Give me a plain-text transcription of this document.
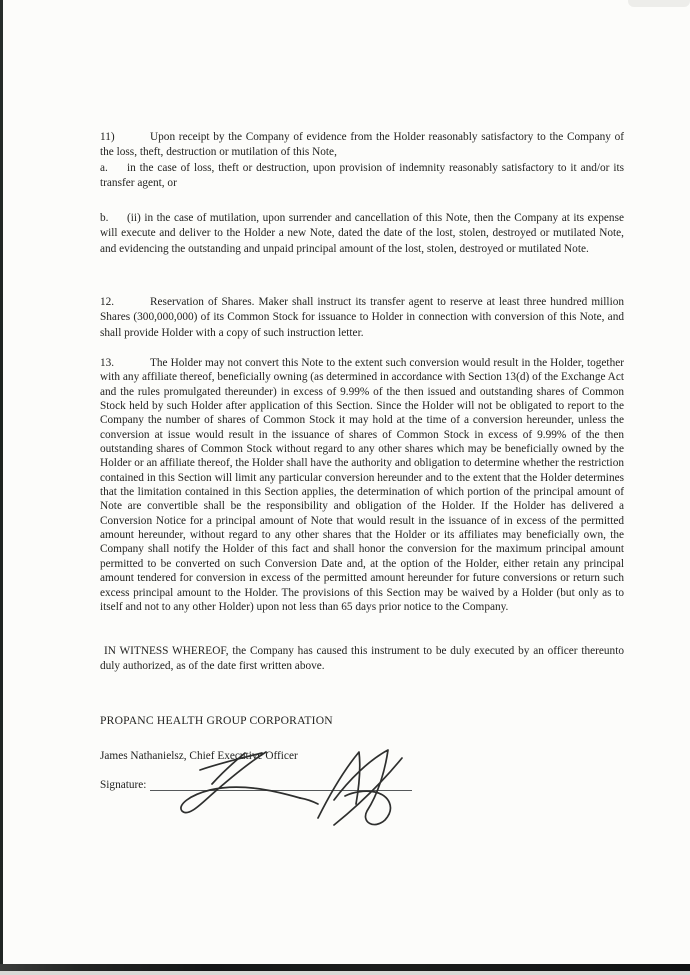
11)	Upon receipt by the Company of evidence from the Holder reasonably satisfactory to the Company of the loss, theft, destruction or mutilation of this Note,

a. in the case of loss, theft or destruction, upon provision of indemnity reasonably satisfactory to it and/or its transfer agent, or

b. (ii) in the case of mutilation, upon surrender and cancellation of this Note, then the Company at its expense will execute and deliver to the Holder a new Note, dated the date of the lost, stolen, destroyed or mutilated Note, and evidencing the outstanding and unpaid principal amount of the lost, stolen, destroyed or mutilated Note.

12.	Reservation of Shares. Maker shall instruct its transfer agent to reserve at least three hundred million Shares (300,000,000) of its Common Stock for issuance to Holder in connection with conversion of this Note, and shall provide Holder with a copy of such instruction letter.

13.	The Holder may not convert this Note to the extent such conversion would result in the Holder, together with any affiliate thereof, beneficially owning (as determined in accordance with Section 13(d) of the Exchange Act and the rules promulgated thereunder) in excess of 9.99% of the then issued and outstanding shares of Common Stock held by such Holder after application of this Section. Since the Holder will not be obligated to report to the Company the number of shares of Common Stock it may hold at the time of a conversion hereunder, unless the conversion at issue would result in the issuance of shares of Common Stock in excess of 9.99% of the then outstanding shares of Common Stock without regard to any other shares which may be beneficially owned by the Holder or an affiliate thereof, the Holder shall have the authority and obligation to determine whether the restriction contained in this Section will limit any particular conversion hereunder and to the extent that the Holder determines that the limitation contained in this Section applies, the determination of which portion of the principal amount of Note are convertible shall be the responsibility and obligation of the Holder. If the Holder has delivered a Conversion Notice for a principal amount of Note that would result in the issuance of in excess of the permitted amount hereunder, without regard to any other shares that the Holder or its affiliates may beneficially own, the Company shall notify the Holder of this fact and shall honor the conversion for the maximum principal amount permitted to be converted on such Conversion Date and, at the option of the Holder, either retain any principal amount tendered for conversion in excess of the permitted amount hereunder for future conversions or return such excess principal amount to the Holder. The provisions of this Section may be waived by a Holder (but only as to itself and not to any other Holder) upon not less than 65 days prior notice to the Company.

IN WITNESS WHEREOF, the Company has caused this instrument to be duly executed by an officer thereunto duly authorized, as of the date first written above.

PROPANC HEALTH GROUP CORPORATION

James Nathanielsz, Chief Executive Officer

Signature:
